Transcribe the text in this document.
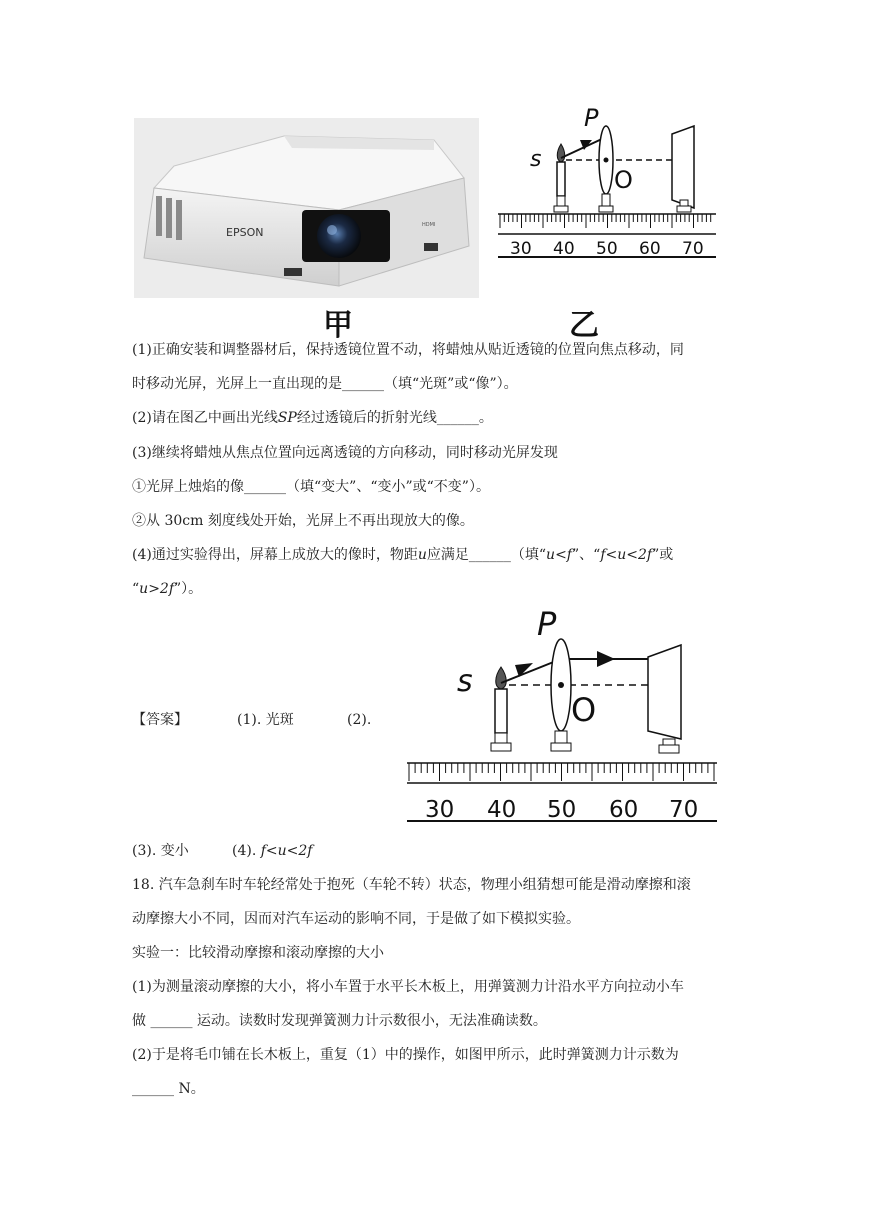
EPSON
HDMI
甲
P
s
O
30 40 50 60 70
乙
(1)正确安装和调整器材后，保持透镜位置不动，将蜡烛从贴近透镜的位置向焦点移动，同
时移动光屏，光屏上一直出现的是______（填“光斑”或“像”）。
(2)请在图乙中画出光线SP经过透镜后的折射光线______。
(3)继续将蜡烛从焦点位置向远离透镜的方向移动，同时移动光屏发现
①光屏上烛焰的像______（填“变大”、“变小”或“不变”）。
②从 30cm 刻度线处开始，光屏上不再出现放大的像。
(4)通过实验得出，屏幕上成放大的像时，物距u应满足______（填“u<f”、“f<u<2f”或
“u>2f”）。
【答案】	(1). 光斑	(2).
P
s
O
30 40 50 60 70
(3). 变小	(4). f<u<2f
18. 汽车急刹车时车轮经常处于抱死（车轮不转）状态，物理小组猜想可能是滑动摩擦和滚
动摩擦大小不同，因而对汽车运动的影响不同，于是做了如下模拟实验。
实验一：比较滑动摩擦和滚动摩擦的大小
(1)为测量滚动摩擦的大小，将小车置于水平长木板上，用弹簧测力计沿水平方向拉动小车
做 ______ 运动。读数时发现弹簧测力计示数很小，无法准确读数。
(2)于是将毛巾铺在长木板上，重复（1）中的操作，如图甲所示，此时弹簧测力计示数为
______ N。
